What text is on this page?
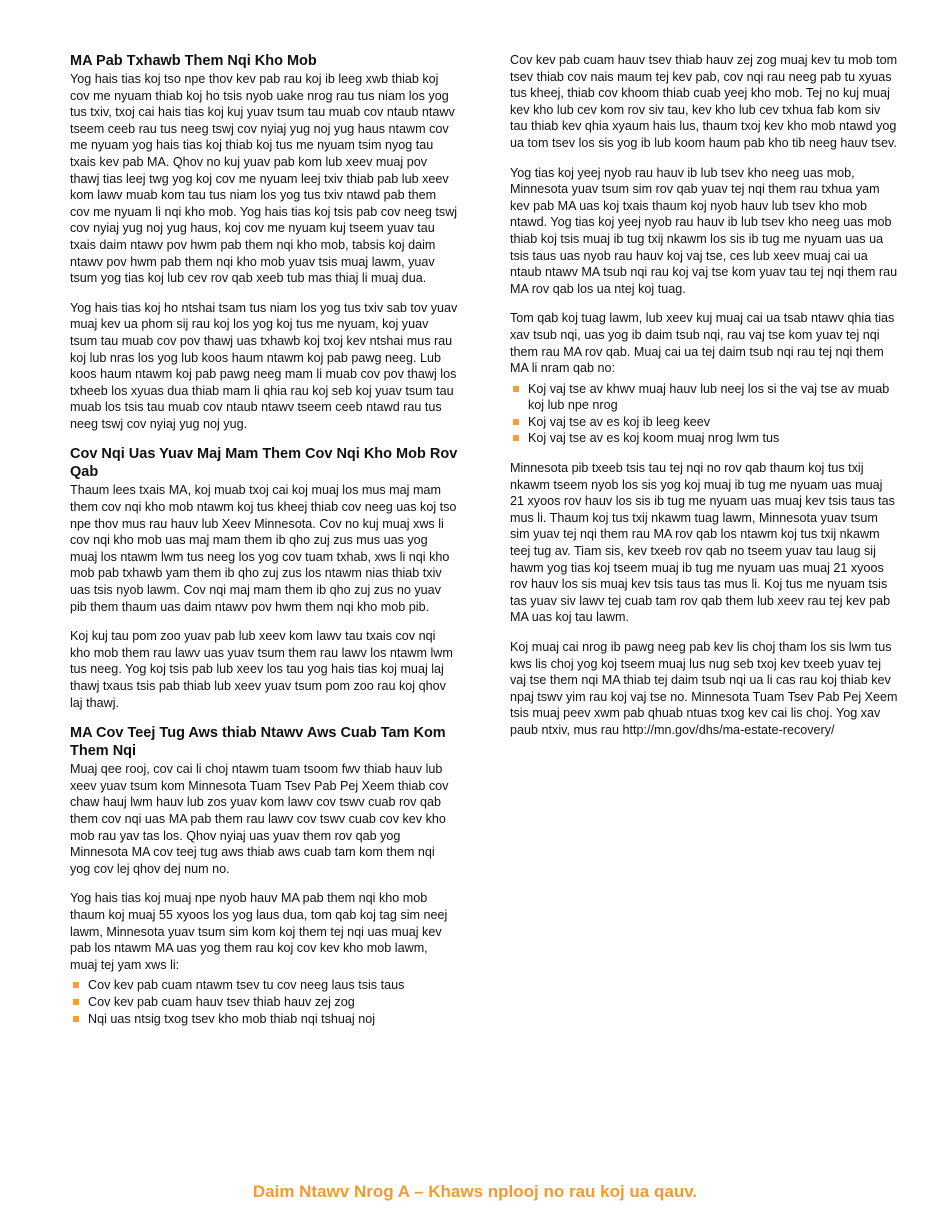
MA Pab Txhawb Them Nqi Kho Mob

Yog hais tias koj tso npe thov kev pab rau koj ib leeg xwb thiab koj cov me nyuam thiab koj ho tsis nyob uake nrog rau tus niam los yog tus txiv, txoj cai hais tias koj kuj yuav tsum tau muab cov ntaub ntawv tseem ceeb rau tus neeg tswj cov nyiaj yug noj yug haus ntawm cov me nyuam yog hais tias koj thiab koj tus me nyuam tsim nyog tau txais kev pab MA. Qhov no kuj yuav pab kom lub xeev muaj pov thawj tias leej twg yog koj cov me nyuam leej txiv thiab pab lub xeev kom lawv muab kom tau tus niam los yog tus txiv ntawd pab them cov me nyuam li nqi kho mob. Yog hais tias koj tsis pab cov neeg tswj cov nyiaj yug noj yug haus, koj cov me nyuam kuj tseem yuav tau txais daim ntawv pov hwm pab them nqi kho mob, tabsis koj daim ntawv pov hwm pab them nqi kho mob yuav tsis muaj lawm, yuav tsum yog tias koj lub cev rov qab xeeb tub mas thiaj li muaj dua.

Yog hais tias koj ho ntshai tsam tus niam los yog tus txiv sab tov yuav muaj kev ua phom sij rau koj los yog koj tus me nyuam, koj yuav tsum tau muab cov pov thawj uas txhawb koj txoj kev ntshai mus rau koj lub nras los yog lub koos haum ntawm koj pab pawg neeg. Lub koos haum ntawm koj pab pawg neeg mam li muab cov pov thawj los txheeb los xyuas dua thiab mam li qhia rau koj seb koj yuav tsum tau muab los tsis tau muab cov ntaub ntawv tseem ceeb ntawd rau tus neeg tswj cov nyiaj yug noj yug.

Cov Nqi Uas Yuav Maj Mam Them Cov Nqi Kho Mob Rov Qab

Thaum lees txais MA, koj muab txoj cai koj muaj los mus maj mam them cov nqi kho mob ntawm koj tus kheej thiab cov neeg uas koj tso npe thov mus rau hauv lub Xeev Minnesota. Cov no kuj muaj xws li cov nqi kho mob uas maj mam them ib qho zuj zus mus uas yog muaj los ntawm lwm tus neeg los yog cov tuam txhab, xws li nqi kho mob pab txhawb yam them ib qho zuj zus los ntawm nias thiab txiv uas tsis nyob lawm. Cov nqi maj mam them ib qho zuj zus no yuav pib them thaum uas daim ntawv pov hwm them nqi kho mob pib.

Koj kuj tau pom zoo yuav pab lub xeev kom lawv tau txais cov nqi kho mob them rau lawv uas yuav tsum them rau lawv los ntawm lwm tus neeg. Yog koj tsis pab lub xeev los tau yog hais tias koj muaj laj thawj txaus tsis pab thiab lub xeev yuav tsum pom zoo rau koj qhov laj thawj.

MA Cov Teej Tug Aws thiab Ntawv Aws Cuab Tam Kom Them Nqi

Muaj qee rooj, cov cai li choj ntawm tuam tsoom fwv thiab hauv lub xeev yuav tsum kom Minnesota Tuam Tsev Pab Pej Xeem thiab cov chaw hauj lwm hauv lub zos yuav kom lawv cov tswv cuab rov qab them cov nqi uas MA pab them rau lawv cov tswv cuab cov kev kho mob rau yav tas los. Qhov nyiaj uas yuav them rov qab yog Minnesota MA cov teej tug aws thiab aws cuab tam kom them nqi yog cov lej qhov dej num no.

Yog hais tias koj muaj npe nyob hauv MA pab them nqi kho mob thaum koj muaj 55 xyoos los yog laus dua, tom qab koj tag sim neej lawm, Minnesota yuav tsum sim kom koj them tej nqi uas muaj kev pab los ntawm MA uas yog them rau koj cov kev kho mob lawm, muaj tej yam xws li:

Cov kev pab cuam ntawm tsev tu cov neeg laus tsis taus
Cov kev pab cuam hauv tsev thiab hauv zej zog
Nqi uas ntsig txog tsev kho mob thiab nqi tshuaj noj

Cov kev pab cuam hauv tsev thiab hauv zej zog muaj kev tu mob tom tsev thiab cov nais maum tej kev pab, cov nqi rau neeg pab tu xyuas tus kheej, thiab cov khoom thiab cuab yeej kho mob. Tej no kuj muaj kev kho lub cev kom rov siv tau, kev kho lub cev txhua fab kom siv tau thiab kev qhia xyaum hais lus, thaum txoj kev kho mob ntawd yog ua tom tsev los sis yog ib lub koom haum pab kho tib neeg hauv tsev.

Yog tias koj yeej nyob rau hauv ib lub tsev kho neeg uas mob, Minnesota yuav tsum sim rov qab yuav tej nqi them rau txhua yam kev pab MA uas koj txais thaum koj nyob hauv lub tsev kho mob ntawd. Yog tias koj yeej nyob rau hauv ib lub tsev kho neeg uas mob thiab koj tsis muaj ib tug txij nkawm los sis ib tug me nyuam uas ua tsis taus uas nyob rau hauv koj vaj tse, ces lub xeev muaj cai ua ntaub ntawv MA tsub nqi rau koj vaj tse kom yuav tau tej nqi them rau MA rov qab los ua ntej koj tuag.

Tom qab koj tuag lawm, lub xeev kuj muaj cai ua tsab ntawv qhia tias xav tsub nqi, uas yog ib daim tsub nqi, rau vaj tse kom yuav tej nqi them rau MA rov qab. Muaj cai ua tej daim tsub nqi rau tej nqi them MA li nram qab no:

Koj vaj tse av khwv muaj hauv lub neej los si the vaj tse av muab koj lub npe nrog
Koj vaj tse av es koj ib leeg keev
Koj vaj tse av es koj koom muaj nrog lwm tus

Minnesota pib txeeb tsis tau tej nqi no rov qab thaum koj tus txij nkawm tseem nyob los sis yog koj muaj ib tug me nyuam uas muaj 21 xyoos rov hauv los sis ib tug me nyuam uas muaj kev tsis taus tas mus li. Thaum koj tus txij nkawm tuag lawm, Minnesota yuav tsum sim yuav tej nqi them rau MA rov qab los ntawm koj tus txij nkawm teej tug av. Tiam sis, kev txeeb rov qab no tseem yuav tau laug sij hawm yog tias koj tseem muaj ib tug me nyuam uas muaj 21 xyoos rov hauv los sis muaj kev tsis taus tas mus li. Koj tus me nyuam tsis tas yuav siv lawv tej cuab tam rov qab them lub xeev rau tej kev pab MA uas koj tau lawm.

Koj muaj cai nrog ib pawg neeg pab kev lis choj tham los sis lwm tus kws lis choj yog koj tseem muaj lus nug seb txoj kev txeeb yuav tej vaj tse them nqi MA thiab tej daim tsub nqi ua li cas rau koj thiab kev npaj tswv yim rau koj vaj tse no. Minnesota Tuam Tsev Pab Pej Xeem tsis muaj peev xwm pab qhuab ntuas txog kev cai lis choj. Yog xav paub ntxiv, mus rau http://mn.gov/dhs/ma-estate-recovery/

Daim Ntawv Nrog A – Khaws nplooj no rau koj ua qauv.
